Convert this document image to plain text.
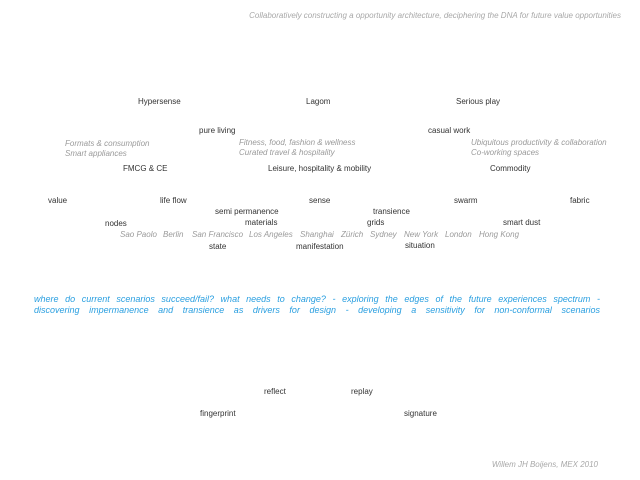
Collaboratively constructing a opportunity architecture, deciphering the DNA for future value opportunities
Hypersense	Lagom	Serious play
pure living	casual work
Formats & consumption
Smart appliances
Fitness, food, fashion & wellness
Curated travel & hospitality
Ubiquitous productivity & collaboration
Co-working spaces
FMCG & CE	Leisure, hospitality & mobility	Commodity
value	life flow	sense	swarm	fabric
semi permanence	transience
nodes	materials	grids	smart dust
Sao Paolo Berlin San Francisco Los Angeles Shanghai Zürich Sydney New York London Hong Kong
state	manifestation	situation
where do current scenarios succeed/fail? what needs to change? - exploring the edges of the future experiences spectrum -
discovering impermanence and transience as drivers for design - developing a sensitivity for non-conformal scenarios
reflect	replay
fingerprint	signature
Willem JH Boijens, MEX 2010
